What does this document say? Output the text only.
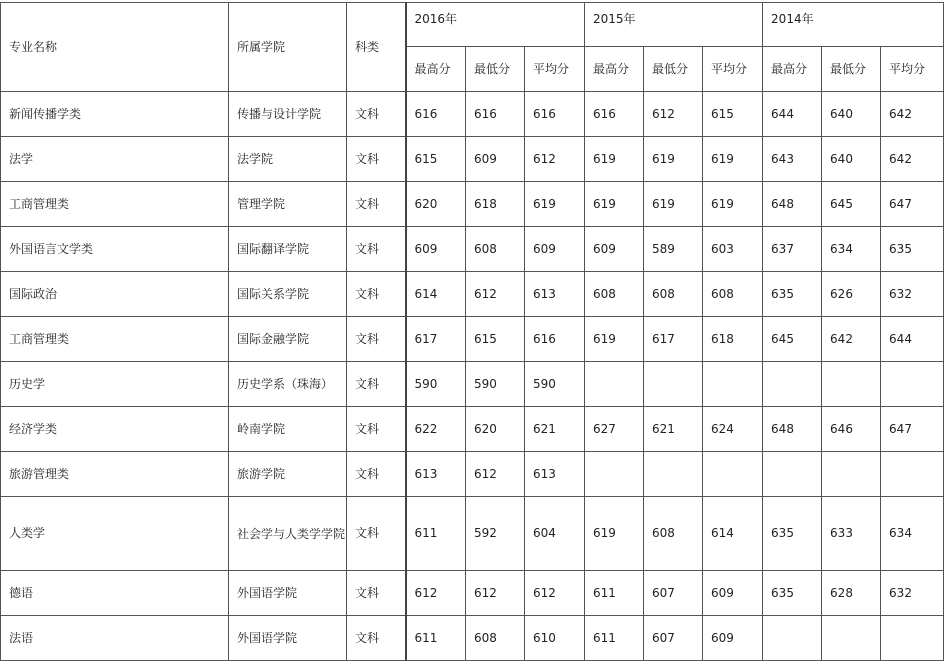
专业名称	所属学院	科类	2016年			2015年			2014年		
			最高分	最低分	平均分	最高分	最低分	平均分	最高分	最低分	平均分
新闻传播学类	传播与设计学院	文科	616	616	616	616	612	615	644	640	642
法学	法学院	文科	615	609	612	619	619	619	643	640	642
工商管理类	管理学院	文科	620	618	619	619	619	619	648	645	647
外国语言文学类	国际翻译学院	文科	609	608	609	609	589	603	637	634	635
国际政治	国际关系学院	文科	614	612	613	608	608	608	635	626	632
工商管理类	国际金融学院	文科	617	615	616	619	617	618	645	642	644
历史学	历史学系（珠海）	文科	590	590	590						
经济学类	岭南学院	文科	622	620	621	627	621	624	648	646	647
旅游管理类	旅游学院	文科	613	612	613						
人类学	社会学与人类学学院	文科	611	592	604	619	608	614	635	633	634
德语	外国语学院	文科	612	612	612	611	607	609	635	628	632
法语	外国语学院	文科	611	608	610	611	607	609			
